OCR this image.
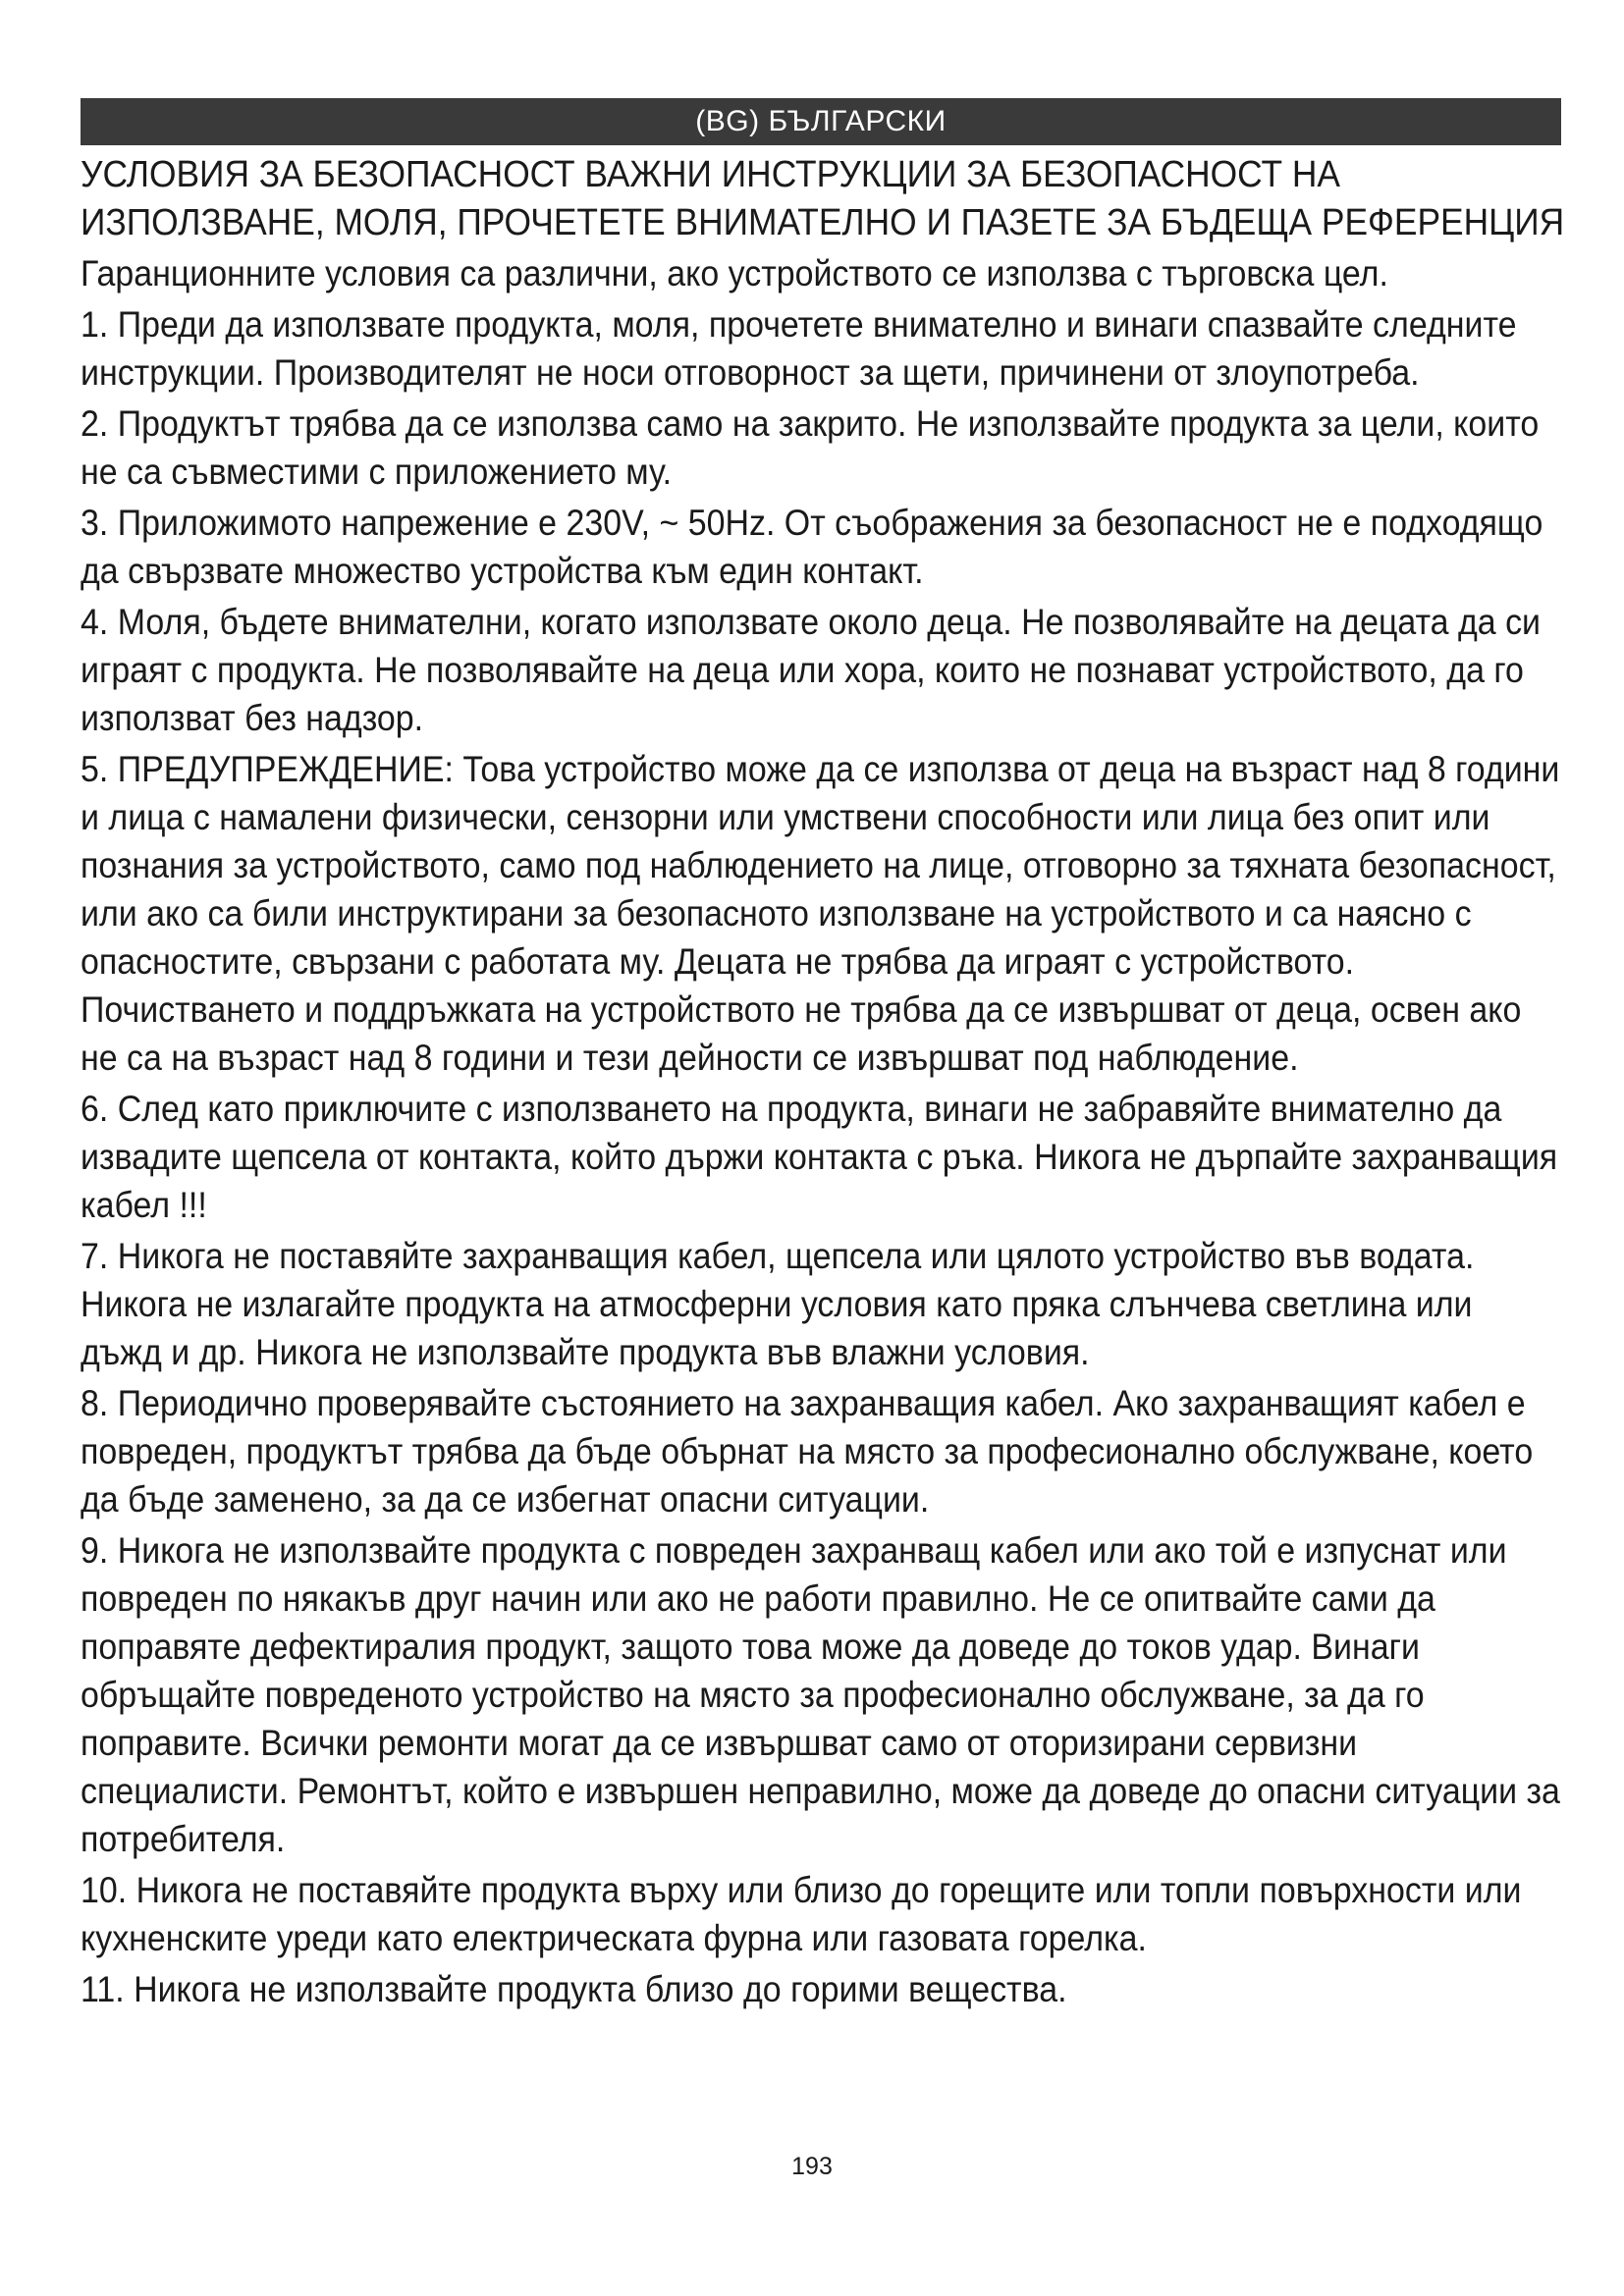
(BG) БЪЛГАРСКИ
УСЛОВИЯ ЗА БЕЗОПАСНОСТ ВАЖНИ ИНСТРУКЦИИ ЗА БЕЗОПАСНОСТ НА ИЗПОЛЗВАНЕ, МОЛЯ, ПРОЧЕТЕТЕ ВНИМАТЕЛНО И ПАЗЕТЕ ЗА БЪДЕЩА РЕФЕРЕНЦИЯ

Гаранционните условия са различни, ако устройството се използва с търговска цел.

1. Преди да използвате продукта, моля, прочетете внимателно и винаги спазвайте следните инструкции. Производителят не носи отговорност за щети, причинени от злоупотреба.

2. Продуктът трябва да се използва само на закрито. Не използвайте продукта за цели, които не са съвместими с приложението му.

3. Приложимото напрежение е 230V, ~ 50Hz. От съображения за безопасност не е подходящо да свързвате множество устройства към един контакт.

4. Моля, бъдете внимателни, когато използвате около деца. Не позволявайте на децата да си играят с продукта. Не позволявайте на деца или хора, които не познават устройството, да го използват без надзор.

5. ПРЕДУПРЕЖДЕНИЕ: Това устройство може да се използва от деца на възраст над 8 години и лица с намалени физически, сензорни или умствени способности или лица без опит или познания за устройството, само под наблюдението на лице, отговорно за тяхната безопасност, или ако са били инструктирани за безопасното използване на устройството и са наясно с опасностите, свързани с работата му. Децата не трябва да играят с устройството. Почистването и поддръжката на устройството не трябва да се извършват от деца, освен ако не са на възраст над 8 години и тези дейности се извършват под наблюдение.

6. След като приключите с използването на продукта, винаги не забравяйте внимателно да извадите щепсела от контакта, който държи контакта с ръка. Никога не дърпайте захранващия кабел !!!

7. Никога не поставяйте захранващия кабел, щепсела или цялото устройство във водата. Никога не излагайте продукта на атмосферни условия като пряка слънчева светлина или дъжд и др. Никога не използвайте продукта във влажни условия.

8. Периодично проверявайте състоянието на захранващия кабел. Ако захранващият кабел е повреден, продуктът трябва да бъде обърнат на място за професионално обслужване, което да бъде заменено, за да се избегнат опасни ситуации.

9. Никога не използвайте продукта с повреден захранващ кабел или ако той е изпуснат или повреден по някакъв друг начин или ако не работи правилно. Не се опитвайте сами да поправяте дефектиралия продукт, защото това може да доведе до токов удар. Винаги обръщайте повреденото устройство на място за професионално обслужване, за да го поправите. Всички ремонти могат да се извършват само от оторизирани сервизни специалисти. Ремонтът, който е извършен неправилно, може да доведе до опасни ситуации за потребителя.

10. Никога не поставяйте продукта върху или близо до горещите или топли повърхности или кухненските уреди като електрическата фурна или газовата горелка.

11. Никога не използвайте продукта близо до горими вещества.

193
